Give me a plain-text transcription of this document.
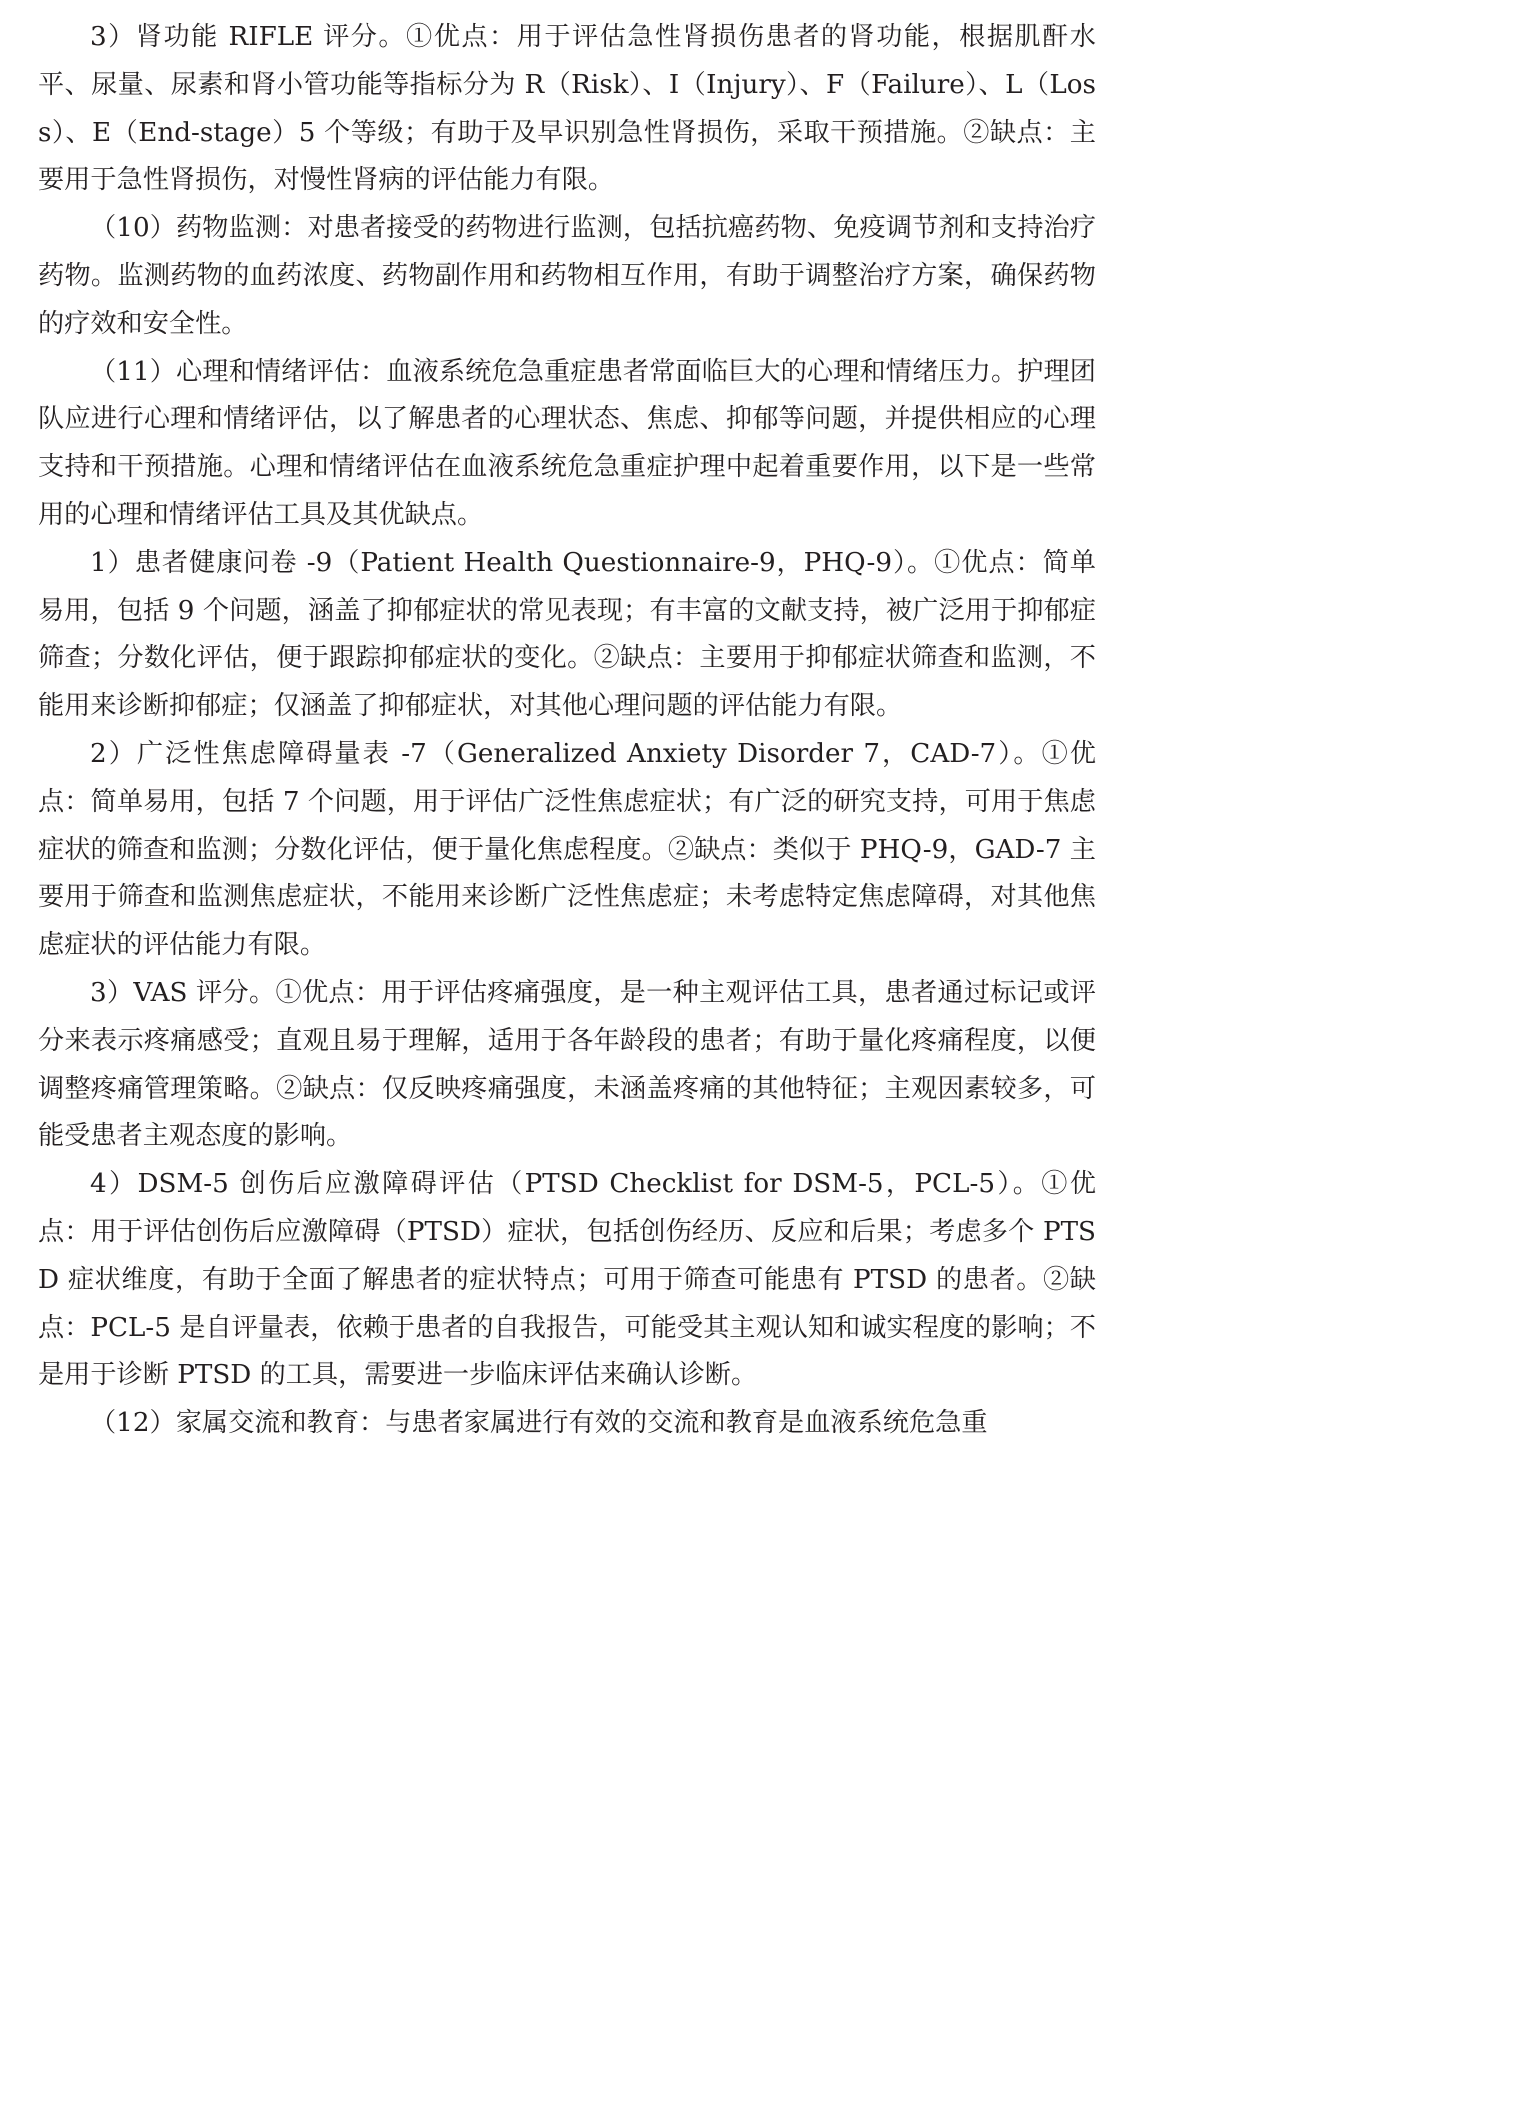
3）肾功能 RIFLE 评分。①优点：用于评估急性肾损伤患者的肾功能，根据肌酐水平、尿量、尿素和肾小管功能等指标分为 R（Risk）、I（Injury）、F（Failure）、L（Loss）、E（End-stage）5 个等级；有助于及早识别急性肾损伤，采取干预措施。②缺点：主要用于急性肾损伤，对慢性肾病的评估能力有限。

（10）药物监测：对患者接受的药物进行监测，包括抗癌药物、免疫调节剂和支持治疗药物。监测药物的血药浓度、药物副作用和药物相互作用，有助于调整治疗方案，确保药物的疗效和安全性。

（11）心理和情绪评估：血液系统危急重症患者常面临巨大的心理和情绪压力。护理团队应进行心理和情绪评估，以了解患者的心理状态、焦虑、抑郁等问题，并提供相应的心理支持和干预措施。心理和情绪评估在血液系统危急重症护理中起着重要作用，以下是一些常用的心理和情绪评估工具及其优缺点。

1）患者健康问卷 -9（Patient Health Questionnaire-9，PHQ-9）。①优点：简单易用，包括 9 个问题，涵盖了抑郁症状的常见表现；有丰富的文献支持，被广泛用于抑郁症筛查；分数化评估，便于跟踪抑郁症状的变化。②缺点：主要用于抑郁症状筛查和监测，不能用来诊断抑郁症；仅涵盖了抑郁症状，对其他心理问题的评估能力有限。

2）广泛性焦虑障碍量表 -7（Generalized Anxiety Disorder 7，CAD-7）。①优点：简单易用，包括 7 个问题，用于评估广泛性焦虑症状；有广泛的研究支持，可用于焦虑症状的筛查和监测；分数化评估，便于量化焦虑程度。②缺点：类似于 PHQ-9，GAD-7 主要用于筛查和监测焦虑症状，不能用来诊断广泛性焦虑症；未考虑特定焦虑障碍，对其他焦虑症状的评估能力有限。

3）VAS 评分。①优点：用于评估疼痛强度，是一种主观评估工具，患者通过标记或评分来表示疼痛感受；直观且易于理解，适用于各年龄段的患者；有助于量化疼痛程度，以便调整疼痛管理策略。②缺点：仅反映疼痛强度，未涵盖疼痛的其他特征；主观因素较多，可能受患者主观态度的影响。

4）DSM-5 创伤后应激障碍评估（PTSD Checklist for DSM-5，PCL-5）。①优点：用于评估创伤后应激障碍（PTSD）症状，包括创伤经历、反应和后果；考虑多个 PTSD 症状维度，有助于全面了解患者的症状特点；可用于筛查可能患有 PTSD 的患者。②缺点：PCL-5 是自评量表，依赖于患者的自我报告，可能受其主观认知和诚实程度的影响；不是用于诊断 PTSD 的工具，需要进一步临床评估来确认诊断。

（12）家属交流和教育：与患者家属进行有效的交流和教育是血液系统危急重
